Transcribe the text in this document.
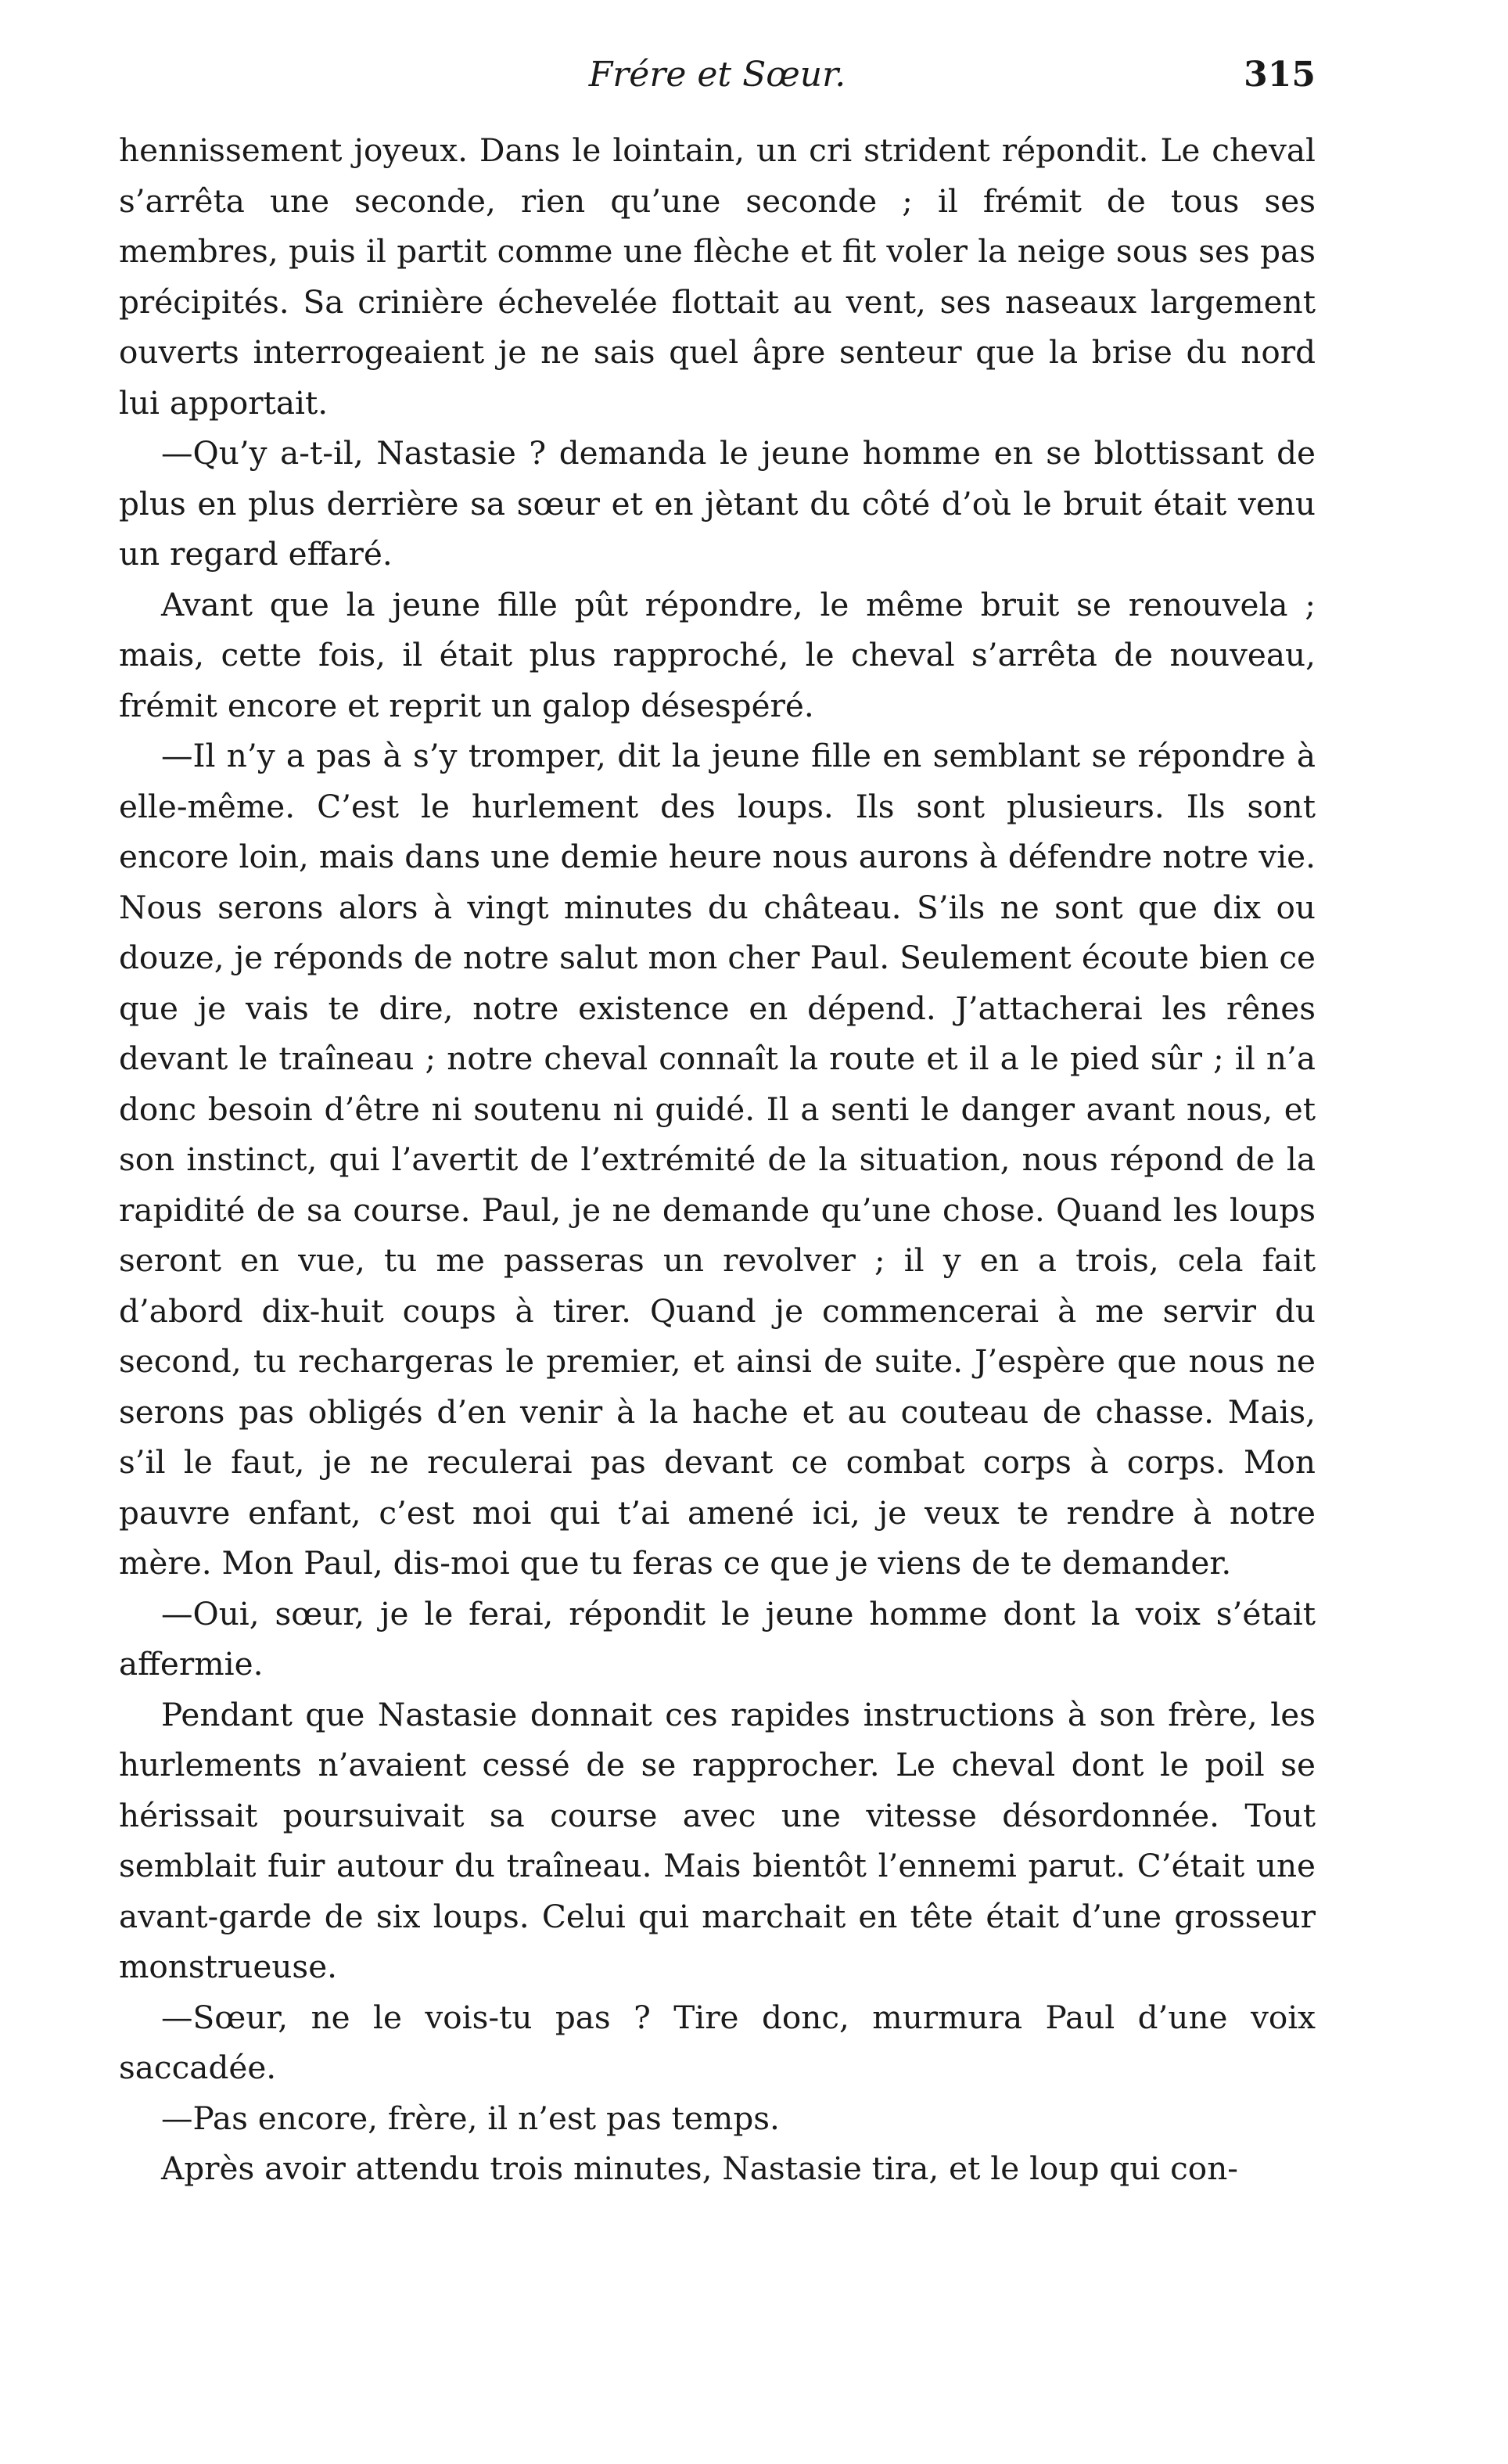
Frére et Sœur.	315

hennissement joyeux. Dans le lointain, un cri strident répondit. Le cheval s’arrêta une seconde, rien qu’une seconde ; il frémit de tous ses membres, puis il partit comme une flèche et fit voler la neige sous ses pas précipités. Sa crinière échevelée flottait au vent, ses naseaux largement ouverts interrogeaient je ne sais quel âpre senteur que la brise du nord lui apportait.

—Qu’y a-t-il, Nastasie ? demanda le jeune homme en se blottissant de plus en plus derrière sa sœur et en jètant du côté d’où le bruit était venu un regard effaré.

Avant que la jeune fille pût répondre, le même bruit se renouvela ; mais, cette fois, il était plus rapproché, le cheval s’arrêta de nouveau, frémit encore et reprit un galop désespéré.

—Il n’y a pas à s’y tromper, dit la jeune fille en semblant se répondre à elle-même. C’est le hurlement des loups. Ils sont plusieurs. Ils sont encore loin, mais dans une demie heure nous aurons à défendre notre vie. Nous serons alors à vingt minutes du château. S’ils ne sont que dix ou douze, je réponds de notre salut mon cher Paul. Seulement écoute bien ce que je vais te dire, notre existence en dépend. J’attacherai les rênes devant le traîneau ; notre cheval connaît la route et il a le pied sûr ; il n’a donc besoin d’être ni soutenu ni guidé. Il a senti le danger avant nous, et son instinct, qui l’avertit de l’extrémité de la situation, nous répond de la rapidité de sa course. Paul, je ne demande qu’une chose. Quand les loups seront en vue, tu me passeras un revolver ; il y en a trois, cela fait d’abord dix-huit coups à tirer. Quand je commencerai à me servir du second, tu rechargeras le premier, et ainsi de suite. J’espère que nous ne serons pas obligés d’en venir à la hache et au couteau de chasse. Mais, s’il le faut, je ne reculerai pas devant ce combat corps à corps. Mon pauvre enfant, c’est moi qui t’ai amené ici, je veux te rendre à notre mère. Mon Paul, dis-moi que tu feras ce que je viens de te demander.

—Oui, sœur, je le ferai, répondit le jeune homme dont la voix s’était affermie.

Pendant que Nastasie donnait ces rapides instructions à son frère, les hurlements n’avaient cessé de se rapprocher. Le cheval dont le poil se hérissait poursuivait sa course avec une vitesse désordonnée. Tout semblait fuir autour du traîneau. Mais bientôt l’ennemi parut. C’était une avant-garde de six loups. Celui qui marchait en tête était d’une grosseur monstrueuse.

—Sœur, ne le vois-tu pas ? Tire donc, murmura Paul d’une voix saccadée.

—Pas encore, frère, il n’est pas temps.

Après avoir attendu trois minutes, Nastasie tira, et le loup qui con-
